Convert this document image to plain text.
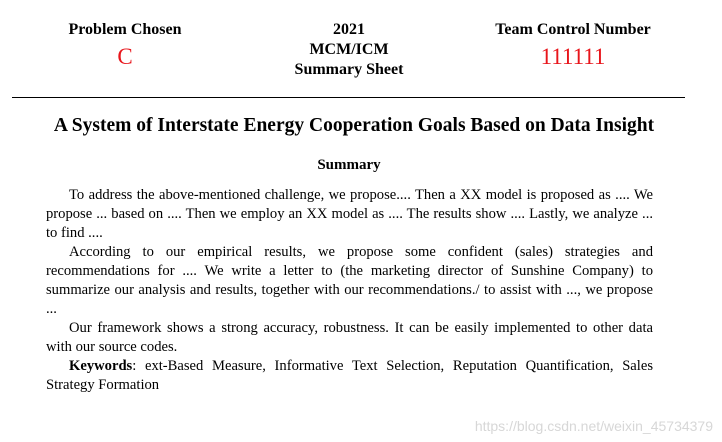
Problem Chosen
C
2021
MCM/ICM
Summary Sheet
Team Control Number
111111
A System of Interstate Energy Cooperation Goals Based on Data Insight
Summary

To address the above-mentioned challenge, we propose.... Then a XX model is proposed as .... We propose ... based on .... Then we employ an XX model as .... The results show .... Lastly, we analyze ... to find ....

According to our empirical results, we propose some confident (sales) strategies and recommendations for .... We write a letter to (the marketing director of Sunshine Company) to summarize our analysis and results, together with our recommendations./ to assist with ..., we propose ...

Our framework shows a strong accuracy, robustness. It can be easily implemented to other data with our source codes.

Keywords: ext-Based Measure, Informative Text Selection, Reputation Quantification, Sales Strategy Formation

https://blog.csdn.net/weixin_45734379
